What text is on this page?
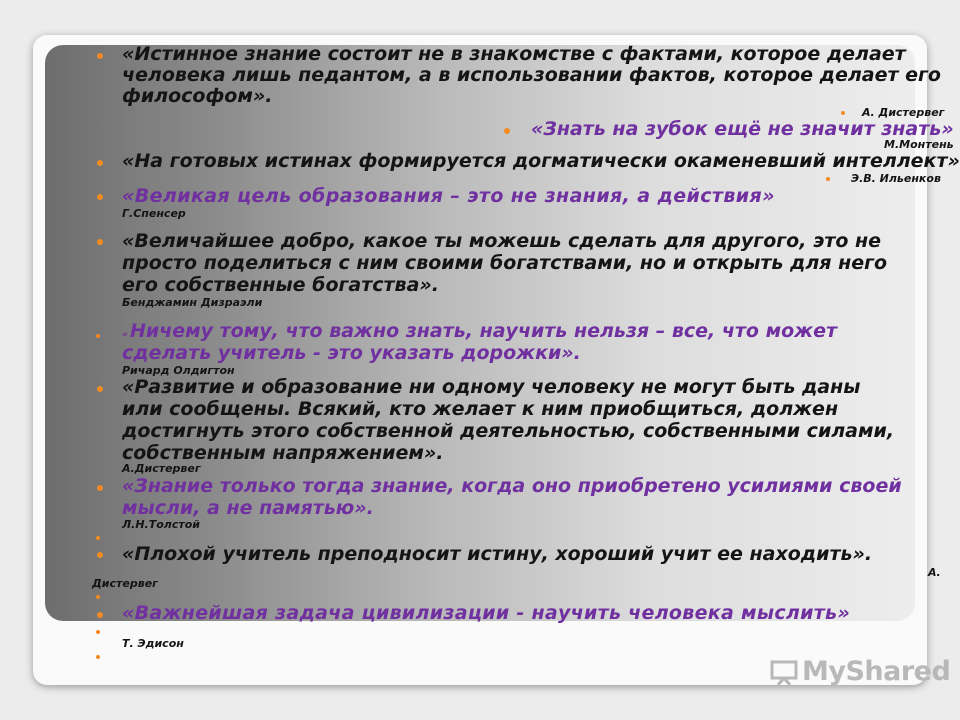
«Истинное знание состоит не в знакомстве с фактами, которое делает

человека лишь педантом, а в использовании фактов, которое делает его

философом».

А. Дистервег

«Знать на зубок ещё не значит знать»

М.Монтень

«На готовых истинах формируется догматически окаменевший интеллект»

Э.В. Ильенков

«Великая цель образования – это не знания, а действия»

Г.Спенсер

«Величайшее добро, какое ты можешь сделать для другого, это не

просто поделиться с ним своими богатствами, но и открыть для него

его собственные богатства».

Бенджамин Дизраэли

« Ничему тому, что важно знать, научить нельзя – все, что может

сделать учитель - это указать дорожки».

Ричард Олдигтон

«Развитие и образование ни одному человеку не могут быть даны

или сообщены. Всякий, кто желает к ним приобщиться, должен

достигнуть этого собственной деятельностью, собственными силами,

собственным напряжением».

А.Дистервег

«Знание только тогда знание, когда оно приобретено усилиями своей

мысли, а не памятью».

Л.Н.Толстой

«Плохой учитель преподносит истину, хороший учит ее находить».

А.

Дистервег

«Важнейшая задача цивилизации - научить человека мыслить»

Т. Эдисон

MyShared
